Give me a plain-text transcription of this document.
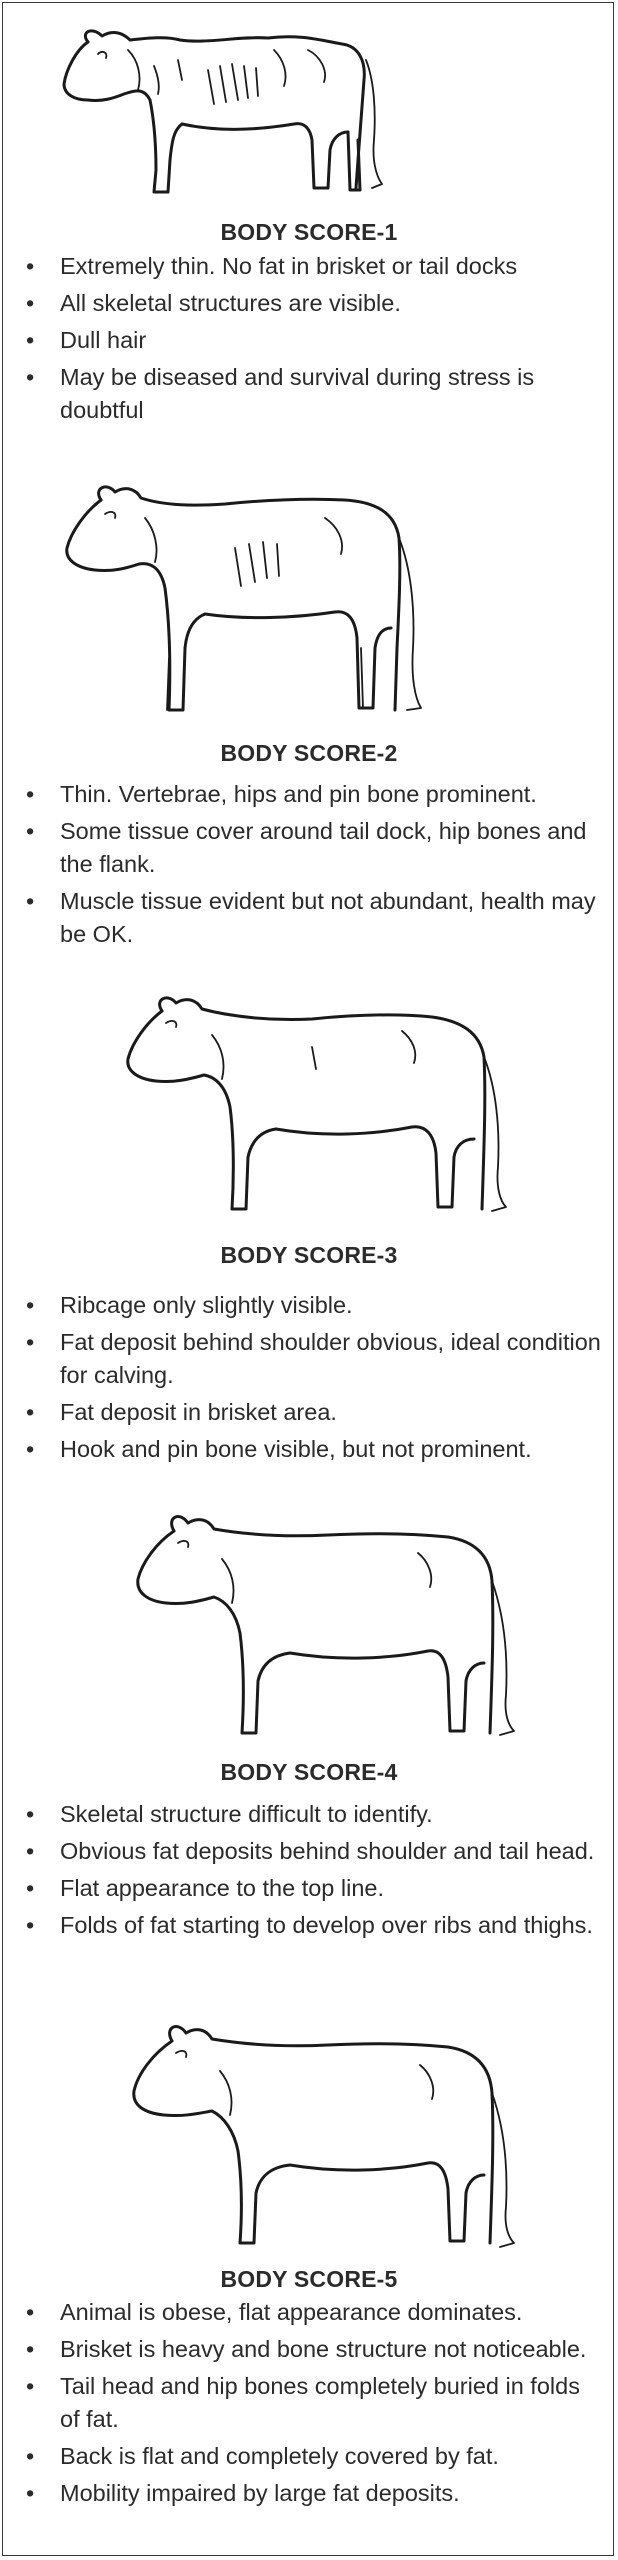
BODY SCORE-1
• Extremely thin. No fat in brisket or tail docks
• All skeletal structures are visible.
• Dull hair
• May be diseased and survival during stress is doubtful
BODY SCORE-2
• Thin. Vertebrae, hips and pin bone prominent.
• Some tissue cover around tail dock, hip bones and the flank.
• Muscle tissue evident but not abundant, health may be OK.
BODY SCORE-3
• Ribcage only slightly visible.
• Fat deposit behind shoulder obvious, ideal condition for calving.
• Fat deposit in brisket area.
• Hook and pin bone visible, but not prominent.
BODY SCORE-4
• Skeletal structure difficult to identify.
• Obvious fat deposits behind shoulder and tail head.
• Flat appearance to the top line.
• Folds of fat starting to develop over ribs and thighs.
BODY SCORE-5
• Animal is obese, flat appearance dominates.
• Brisket is heavy and bone structure not noticeable.
• Tail head and hip bones completely buried in folds of fat.
• Back is flat and completely covered by fat.
• Mobility impaired by large fat deposits.
